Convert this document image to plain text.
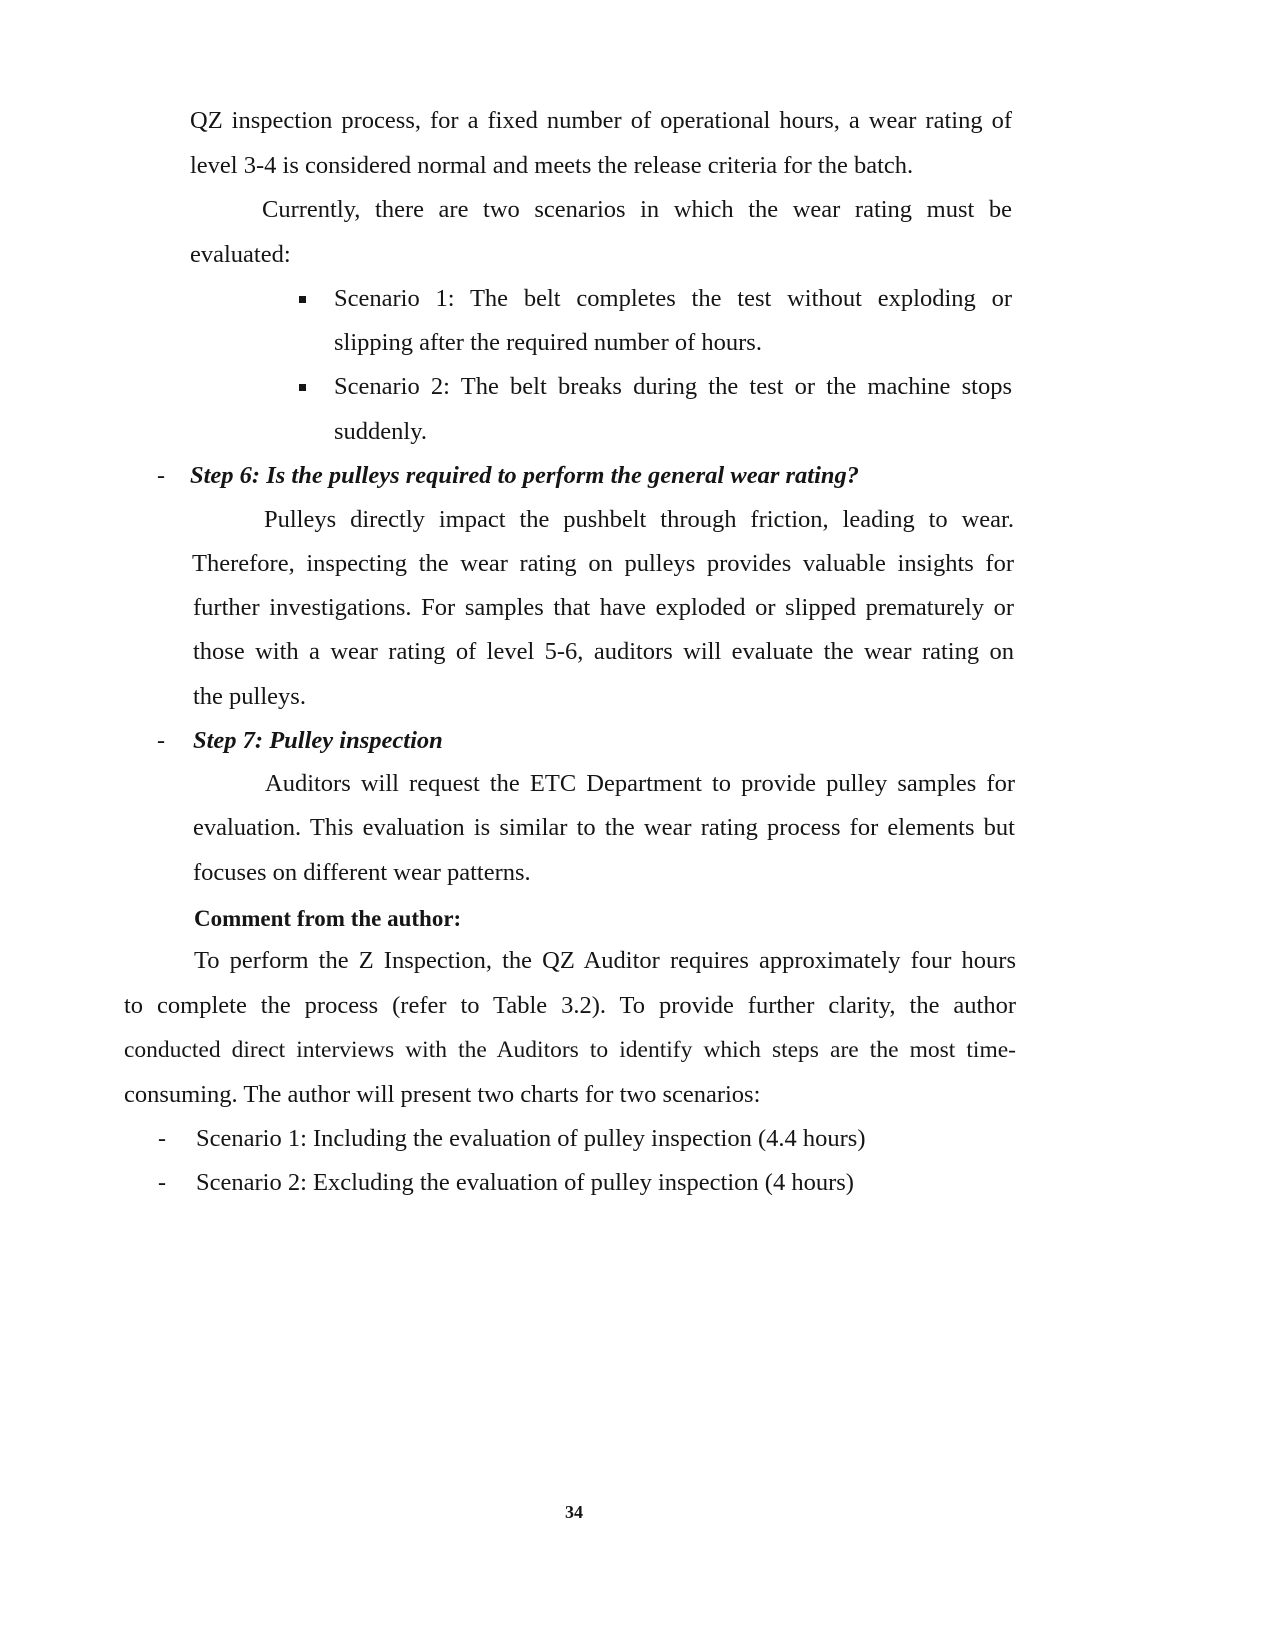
QZ inspection process, for a fixed number of operational hours, a wear rating of
level 3-4 is considered normal and meets the release criteria for the batch.
Currently, there are two scenarios in which the wear rating must be
evaluated:
Scenario 1: The belt completes the test without exploding or
slipping after the required number of hours.
Scenario 2: The belt breaks during the test or the machine stops
suddenly.
- Step 6: Is the pulleys required to perform the general wear rating?
Pulleys directly impact the pushbelt through friction, leading to wear.
Therefore, inspecting the wear rating on pulleys provides valuable insights for
further investigations. For samples that have exploded or slipped prematurely or
those with a wear rating of level 5-6, auditors will evaluate the wear rating on
the pulleys.
- Step 7: Pulley inspection
Auditors will request the ETC Department to provide pulley samples for
evaluation. This evaluation is similar to the wear rating process for elements but
focuses on different wear patterns.
Comment from the author:
To perform the Z Inspection, the QZ Auditor requires approximately four hours
to complete the process (refer to Table 3.2). To provide further clarity, the author
conducted direct interviews with the Auditors to identify which steps are the most time-
consuming. The author will present two charts for two scenarios:
- Scenario 1: Including the evaluation of pulley inspection (4.4 hours)
- Scenario 2: Excluding the evaluation of pulley inspection (4 hours)
34
